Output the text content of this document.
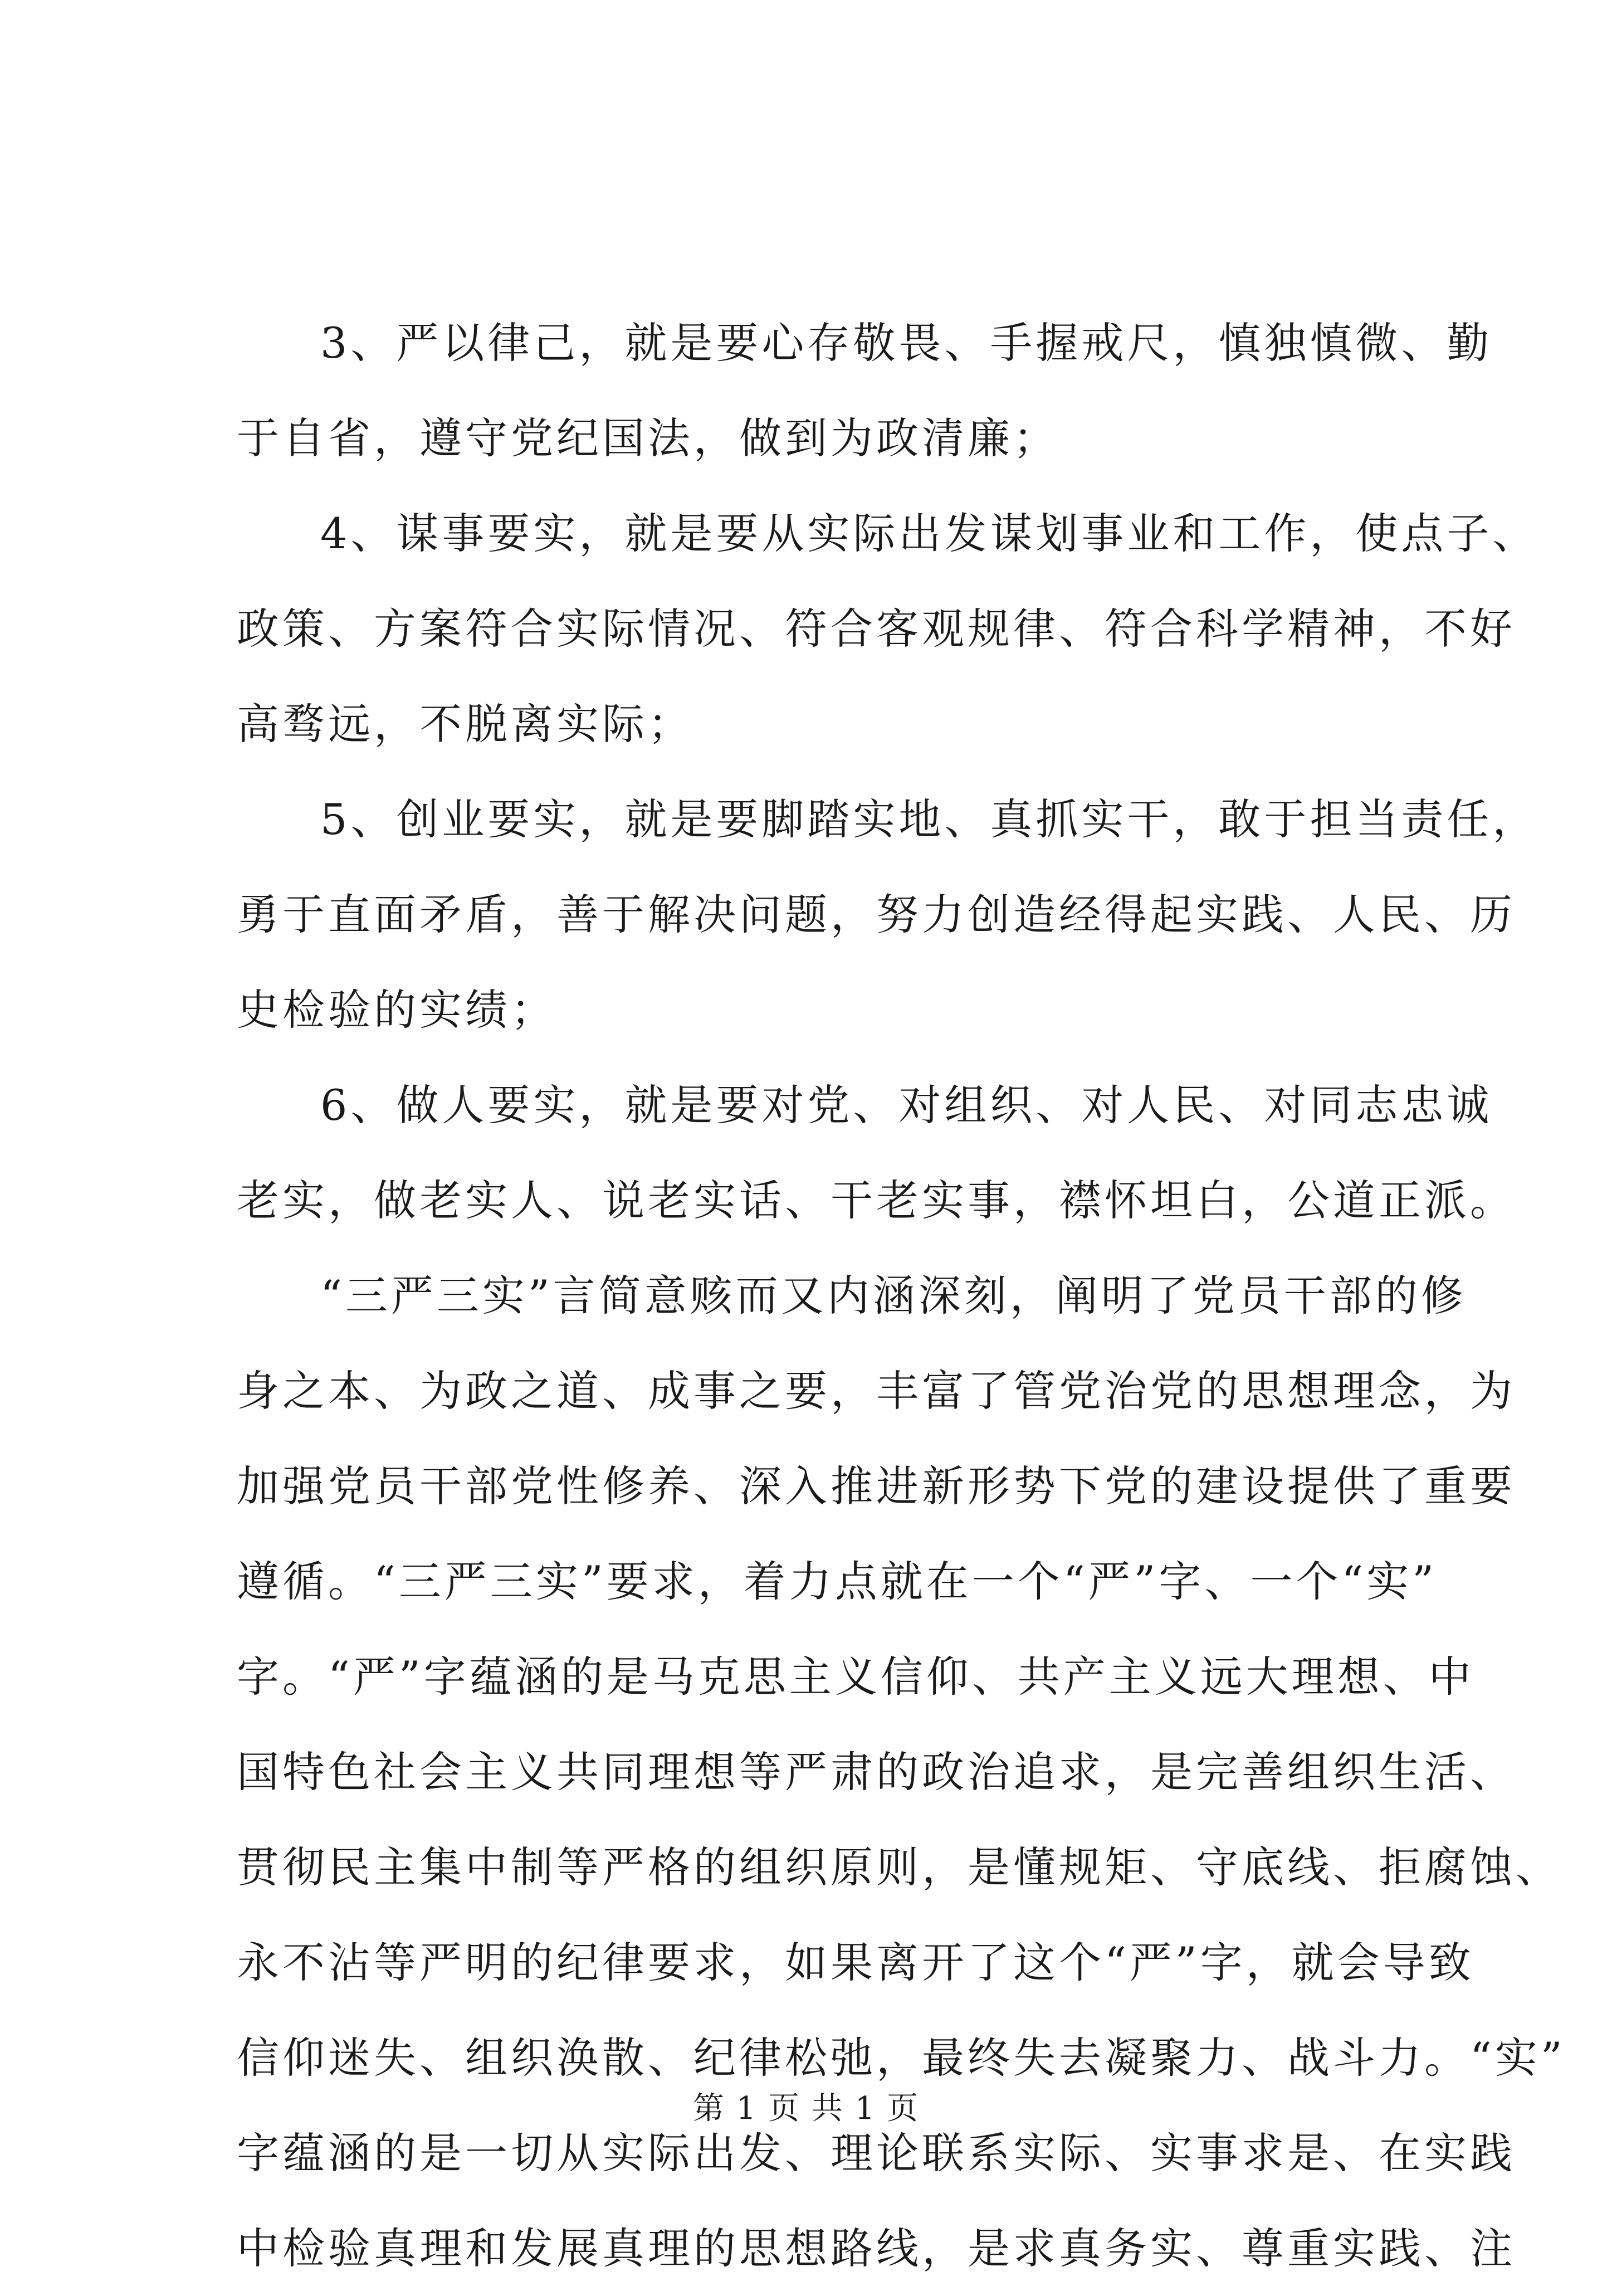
3、严以律己，就是要心存敬畏、手握戒尺，慎独慎微、勤
于自省，遵守党纪国法，做到为政清廉；
4、谋事要实，就是要从实际出发谋划事业和工作，使点子、
政策、方案符合实际情况、符合客观规律、符合科学精神，不好
高骛远，不脱离实际；
5、创业要实，就是要脚踏实地、真抓实干，敢于担当责任，
勇于直面矛盾，善于解决问题，努力创造经得起实践、人民、历
史检验的实绩；
6、做人要实，就是要对党、对组织、对人民、对同志忠诚
老实，做老实人、说老实话、干老实事，襟怀坦白，公道正派。
“三严三实”言简意赅而又内涵深刻，阐明了党员干部的修
身之本、为政之道、成事之要，丰富了管党治党的思想理念，为
加强党员干部党性修养、深入推进新形势下党的建设提供了重要
遵循。“三严三实”要求，着力点就在一个“严”字、一个“实”
字。“严”字蕴涵的是马克思主义信仰、共产主义远大理想、中
国特色社会主义共同理想等严肃的政治追求，是完善组织生活、
贯彻民主集中制等严格的组织原则，是懂规矩、守底线、拒腐蚀、
永不沾等严明的纪律要求，如果离开了这个“严”字，就会导致
信仰迷失、组织涣散、纪律松弛，最终失去凝聚力、战斗力。“实”
字蕴涵的是一切从实际出发、理论联系实际、实事求是、在实践
中检验真理和发展真理的思想路线，是求真务实、尊重实践、注
第 1 页 共 1 页
